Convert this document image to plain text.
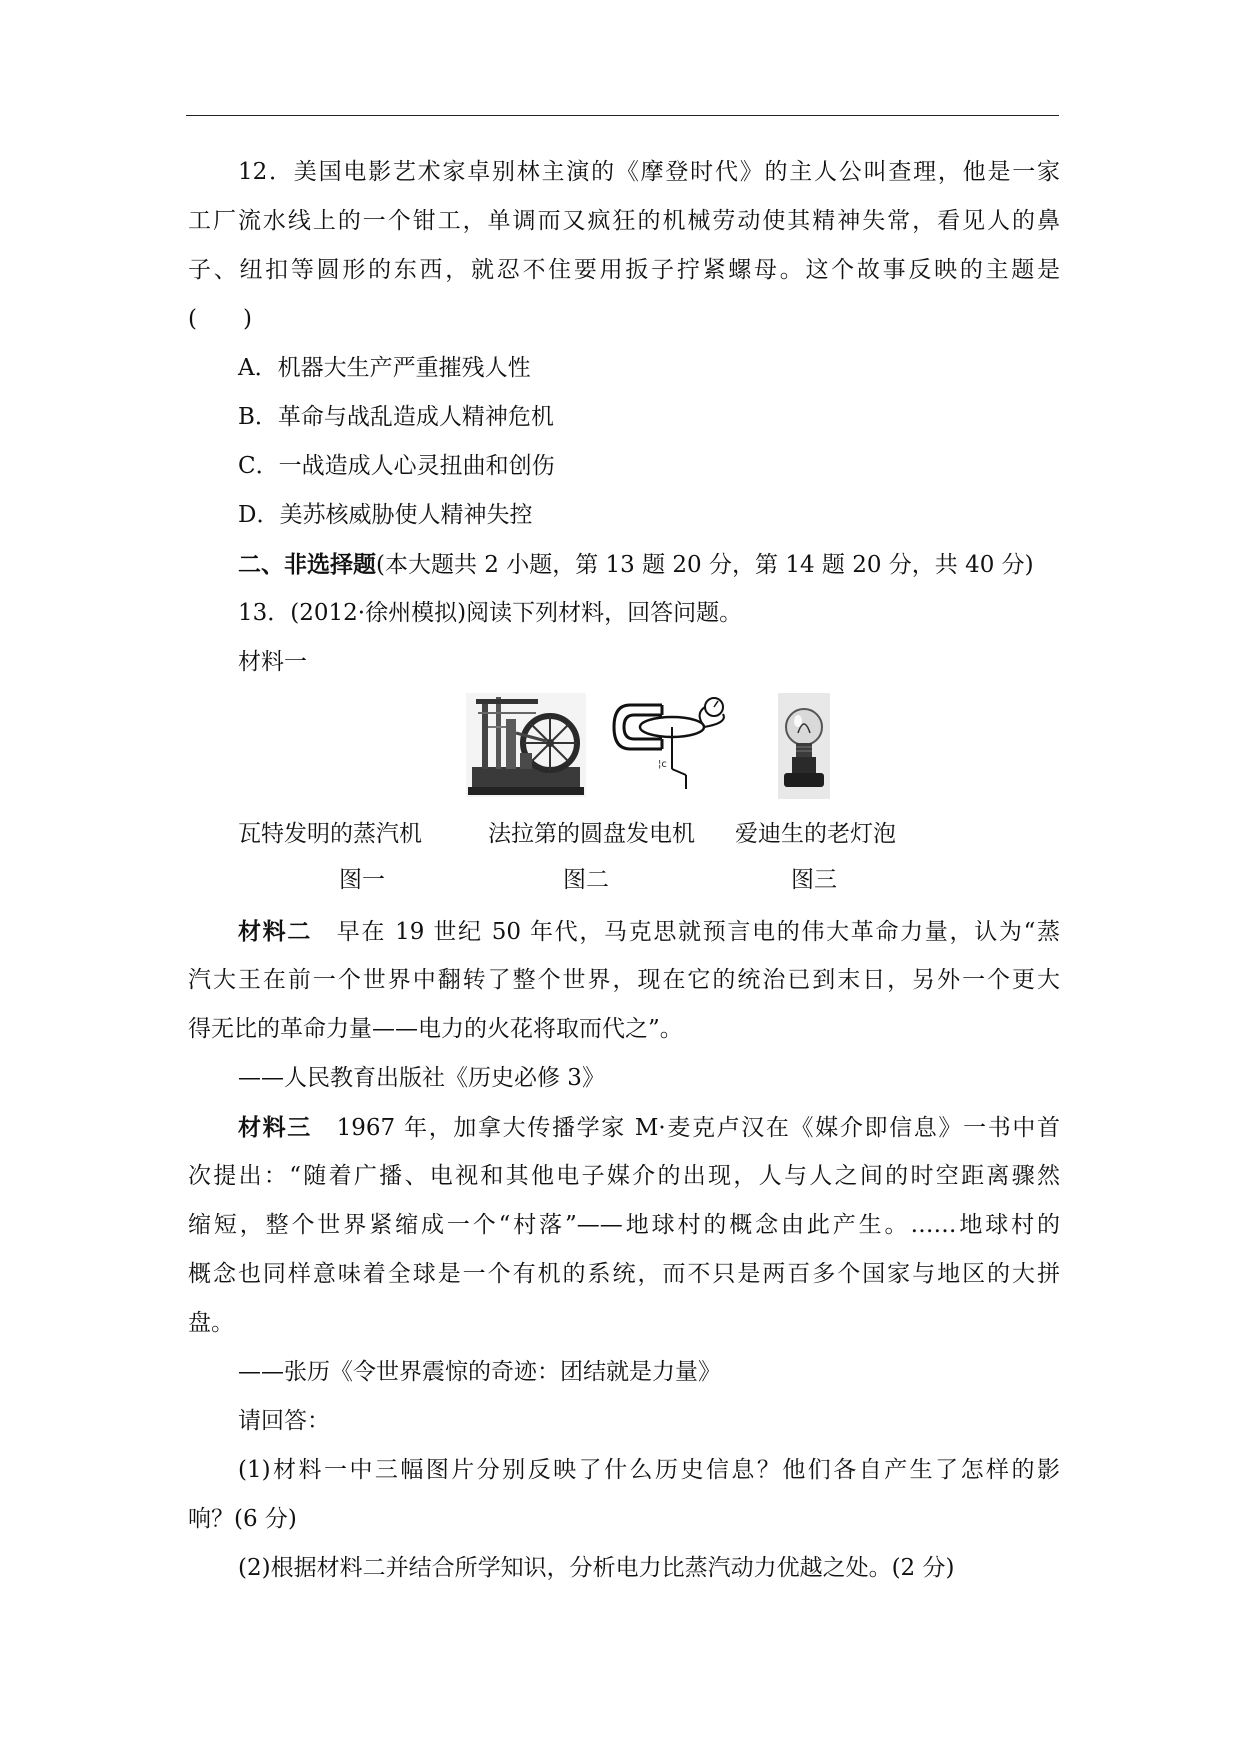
12．美国电影艺术家卓别林主演的《摩登时代》的主人公叫查理，他是一家
工厂流水线上的一个钳工，单调而又疯狂的机械劳动使其精神失常，看见人的鼻
子、纽扣等圆形的东西，就忍不住要用扳子拧紧螺母。这个故事反映的主题是
(　　)
A．机器大生产严重摧残人性
B．革命与战乱造成人精神危机
C．一战造成人心灵扭曲和创伤
D．美苏核威胁使人精神失控
二、非选择题(本大题共 2 小题，第 13 题 20 分，第 14 题 20 分，共 40 分)
13．(2012·徐州模拟)阅读下列材料，回答问题。
材料一
¦c
瓦特发明的蒸汽机	法拉第的圆盘发电机 爱迪生的老灯泡
图一	图二	图三
材料二　 早在 19 世纪 50 年代，马克思就预言电的伟大革命力量，认为“蒸
汽大王在前一个世界中翻转了整个世界，现在它的统治已到末日，另外一个更大
得无比的革命力量——电力的火花将取而代之”。
——人民教育出版社《历史必修 3》
材料三　 1967 年，加拿大传播学家 M·麦克卢汉在《媒介即信息》一书中首
次提出：“随着广播、电视和其他电子媒介的出现，人与人之间的时空距离骤然
缩短，整个世界紧缩成一个“村落”——地球村的概念由此产生。……地球村的
概念也同样意味着全球是一个有机的系统，而不只是两百多个国家与地区的大拼
盘。
——张历《令世界震惊的奇迹：团结就是力量》
请回答：
(1)材料一中三幅图片分别反映了什么历史信息？他们各自产生了怎样的影
响？(6 分)
(2)根据材料二并结合所学知识，分析电力比蒸汽动力优越之处。(2 分)
